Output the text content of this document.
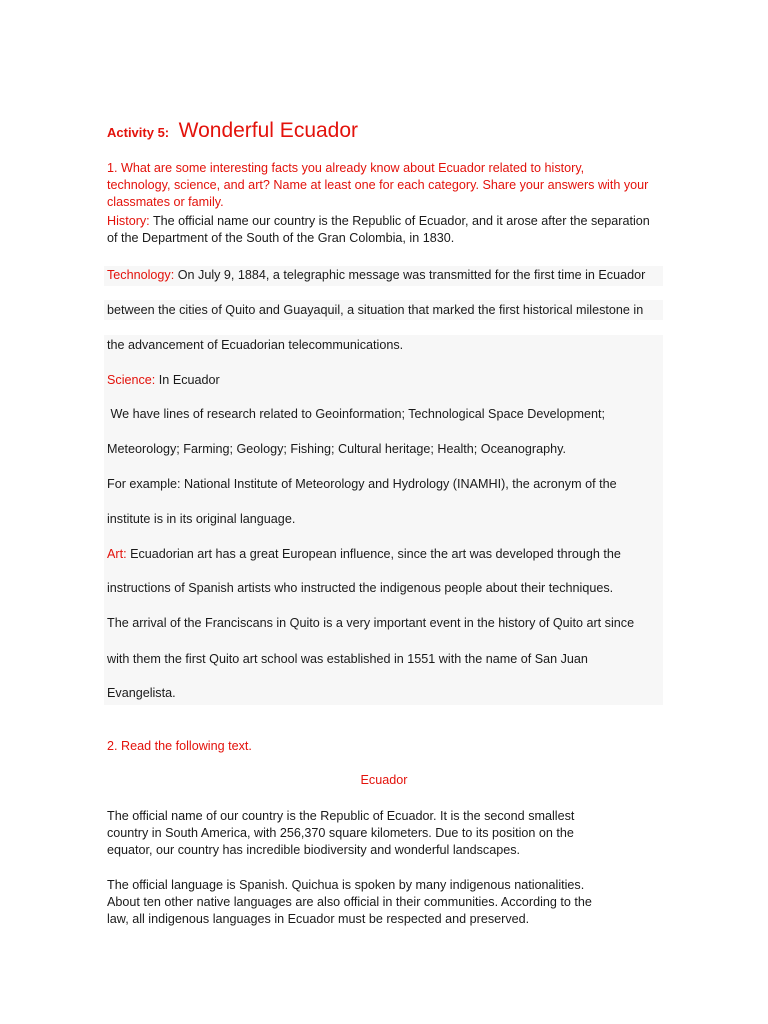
Activity 5: Wonderful Ecuador
1. What are some interesting facts you already know about Ecuador related to history,
technology, science, and art? Name at least one for each category. Share your answers with your
classmates or family.
History: The official name our country is the Republic of Ecuador, and it arose after the separation
of the Department of the South of the Gran Colombia, in 1830.
Technology: On July 9, 1884, a telegraphic message was transmitted for the first time in Ecuador
between the cities of Quito and Guayaquil, a situation that marked the first historical milestone in
the advancement of Ecuadorian telecommunications.
Science: In Ecuador
We have lines of research related to Geoinformation; Technological Space Development;
Meteorology; Farming; Geology; Fishing; Cultural heritage; Health; Oceanography.
For example: National Institute of Meteorology and Hydrology (INAMHI), the acronym of the
institute is in its original language.
Art: Ecuadorian art has a great European influence, since the art was developed through the
instructions of Spanish artists who instructed the indigenous people about their techniques.
The arrival of the Franciscans in Quito is a very important event in the history of Quito art since
with them the first Quito art school was established in 1551 with the name of San Juan
Evangelista.
2. Read the following text.
Ecuador
The official name of our country is the Republic of Ecuador. It is the second smallest
country in South America, with 256,370 square kilometers. Due to its position on the
equator, our country has incredible biodiversity and wonderful landscapes.
The official language is Spanish. Quichua is spoken by many indigenous nationalities.
About ten other native languages are also official in their communities. According to the
law, all indigenous languages in Ecuador must be respected and preserved.
